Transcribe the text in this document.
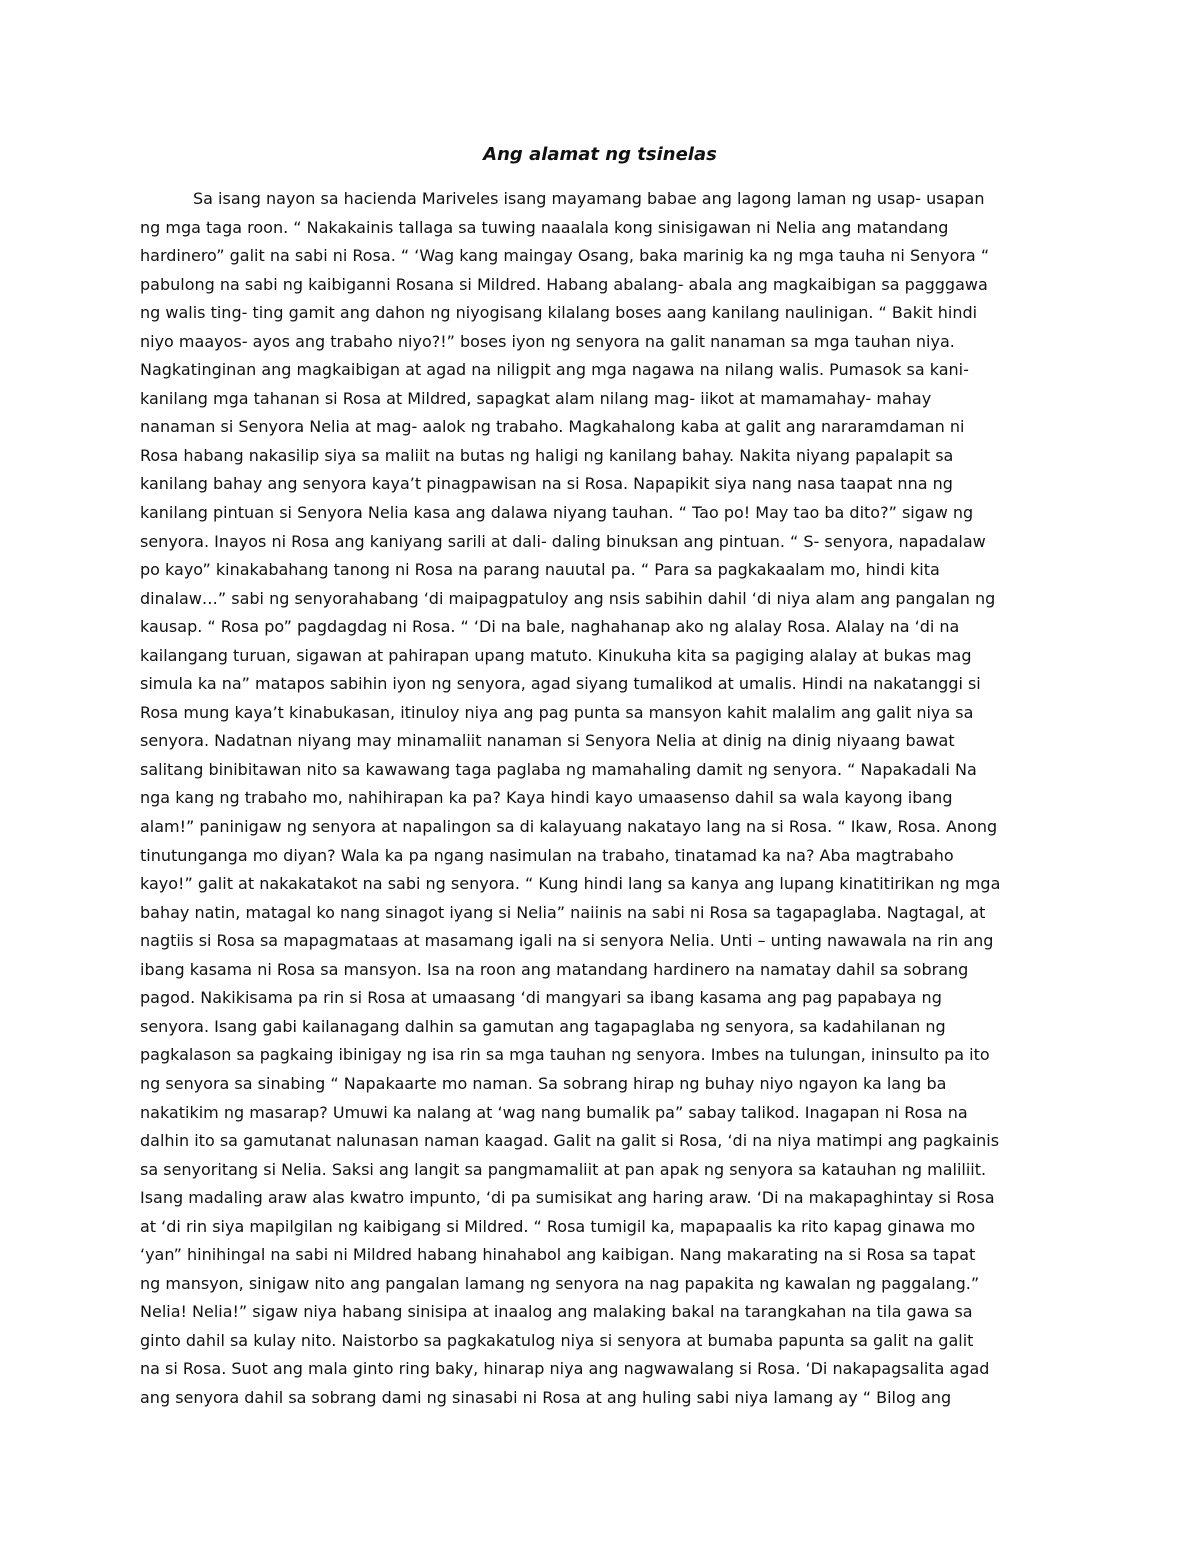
Ang alamat ng tsinelas
Sa isang nayon sa hacienda Mariveles isang mayamang babae ang lagong laman ng usap- usapan
ng mga taga roon. “ Nakakainis tallaga sa tuwing naaalala kong sinisigawan ni Nelia ang matandang
hardinero” galit na sabi ni Rosa. “ ‘Wag kang maingay Osang, baka marinig ka ng mga tauha ni Senyora “
pabulong na sabi ng kaibiganni Rosana si Mildred. Habang abalang- abala ang magkaibigan sa pagggawa
ng walis ting- ting gamit ang dahon ng niyogisang kilalang boses aang kanilang naulinigan. “ Bakit hindi
niyo maayos- ayos ang trabaho niyo?!” boses iyon ng senyora na galit nanaman sa mga tauhan niya.
Nagkatinginan ang magkaibigan at agad na niligpit ang mga nagawa na nilang walis. Pumasok sa kani-
kanilang mga tahanan si Rosa at Mildred, sapagkat alam nilang mag- iikot at mamamahay- mahay
nanaman si Senyora Nelia at mag- aalok ng trabaho. Magkahalong kaba at galit ang nararamdaman ni
Rosa habang nakasilip siya sa maliit na butas ng haligi ng kanilang bahay. Nakita niyang papalapit sa
kanilang bahay ang senyora kaya’t pinagpawisan na si Rosa. Napapikit siya nang nasa taapat nna ng
kanilang pintuan si Senyora Nelia kasa ang dalawa niyang tauhan. “ Tao po! May tao ba dito?” sigaw ng
senyora. Inayos ni Rosa ang kaniyang sarili at dali- daling binuksan ang pintuan. “ S- senyora, napadalaw
po kayo” kinakabahang tanong ni Rosa na parang nauutal pa. “ Para sa pagkakaalam mo, hindi kita
dinalaw…” sabi ng senyorahabang ‘di maipagpatuloy ang nsis sabihin dahil ‘di niya alam ang pangalan ng
kausap. “ Rosa po” pagdagdag ni Rosa. “ ‘Di na bale, naghahanap ako ng alalay Rosa. Alalay na ‘di na
kailangang turuan, sigawan at pahirapan upang matuto. Kinukuha kita sa pagiging alalay at bukas mag
simula ka na” matapos sabihin iyon ng senyora, agad siyang tumalikod at umalis. Hindi na nakatanggi si
Rosa mung kaya’t kinabukasan, itinuloy niya ang pag punta sa mansyon kahit malalim ang galit niya sa
senyora. Nadatnan niyang may minamaliit nanaman si Senyora Nelia at dinig na dinig niyaang bawat
salitang binibitawan nito sa kawawang taga paglaba ng mamahaling damit ng senyora. “ Napakadali Na
nga kang ng trabaho mo, nahihirapan ka pa? Kaya hindi kayo umaasenso dahil sa wala kayong ibang
alam!” paninigaw ng senyora at napalingon sa di kalayuang nakatayo lang na si Rosa. “ Ikaw, Rosa. Anong
tinutunganga mo diyan? Wala ka pa ngang nasimulan na trabaho, tinatamad ka na? Aba magtrabaho
kayo!” galit at nakakatakot na sabi ng senyora. “ Kung hindi lang sa kanya ang lupang kinatitirikan ng mga
bahay natin, matagal ko nang sinagot iyang si Nelia” naiinis na sabi ni Rosa sa tagapaglaba. Nagtagal, at
nagtiis si Rosa sa mapagmataas at masamang igali na si senyora Nelia. Unti – unting nawawala na rin ang
ibang kasama ni Rosa sa mansyon. Isa na roon ang matandang hardinero na namatay dahil sa sobrang
pagod. Nakikisama pa rin si Rosa at umaasang ‘di mangyari sa ibang kasama ang pag papabaya ng
senyora. Isang gabi kailanagang dalhin sa gamutan ang tagapaglaba ng senyora, sa kadahilanan ng
pagkalason sa pagkaing ibinigay ng isa rin sa mga tauhan ng senyora. Imbes na tulungan, ininsulto pa ito
ng senyora sa sinabing “ Napakaarte mo naman. Sa sobrang hirap ng buhay niyo ngayon ka lang ba
nakatikim ng masarap? Umuwi ka nalang at ‘wag nang bumalik pa” sabay talikod. Inagapan ni Rosa na
dalhin ito sa gamutanat nalunasan naman kaagad. Galit na galit si Rosa, ‘di na niya matimpi ang pagkainis
sa senyoritang si Nelia. Saksi ang langit sa pangmamaliit at pan apak ng senyora sa katauhan ng maliliit.
Isang madaling araw alas kwatro impunto, ‘di pa sumisikat ang haring araw. ‘Di na makapaghintay si Rosa
at ‘di rin siya mapilgilan ng kaibigang si Mildred. “ Rosa tumigil ka, mapapaalis ka rito kapag ginawa mo
‘yan” hinihingal na sabi ni Mildred habang hinahabol ang kaibigan. Nang makarating na si Rosa sa tapat
ng mansyon, sinigaw nito ang pangalan lamang ng senyora na nag papakita ng kawalan ng paggalang.”
Nelia! Nelia!” sigaw niya habang sinisipa at inaalog ang malaking bakal na tarangkahan na tila gawa sa
ginto dahil sa kulay nito. Naistorbo sa pagkakatulog niya si senyora at bumaba papunta sa galit na galit
na si Rosa. Suot ang mala ginto ring baky, hinarap niya ang nagwawalang si Rosa. ‘Di nakapagsalita agad
ang senyora dahil sa sobrang dami ng sinasabi ni Rosa at ang huling sabi niya lamang ay “ Bilog ang
